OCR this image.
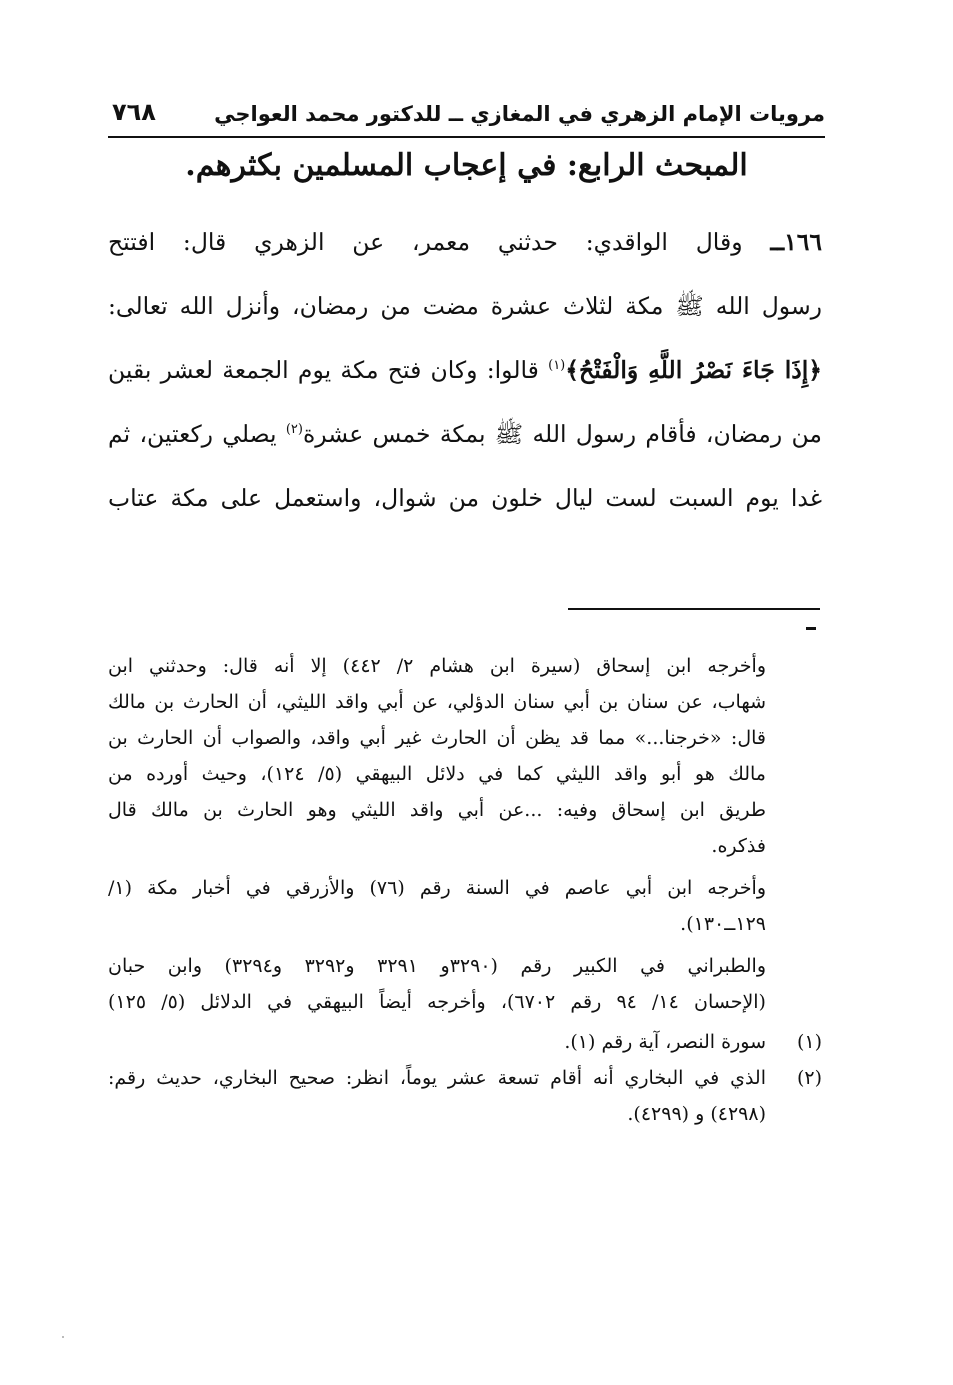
مرويات الإمام الزهري في المغازي ــ للدكتور محمد العواجي
٧٦٨
المبحث الرابع: في إعجاب المسلمين بكثرهم.
١٦٦ــ وقال الواقدي: حدثني معمر، عن الزهري قال: افتتح
رسول الله ﷺ مكة لثلاث عشرة مضت من رمضان، وأنزل الله تعالى:
﴿إِذَا جَاءَ نَصْرُ اللَّهِ وَالْفَتْحُ﴾$^{(١)}$ قالوا: وكان فتح مكة يوم الجمعة لعشر بقين
من رمضان، فأقام رسول الله ﷺ بمكة خمس عشرة$^{(٢)}$ يصلي ركعتين، ثم
غدا يوم السبت لست ليال خلون من شوال، واستعمل على مكة عتاب
وأخرجه ابن إسحاق (سيرة ابن هشام ٢/ ٤٤٢) إلا أنه قال: وحدثني ابن
شهاب، عن سنان بن أبي سنان الدؤلي، عن أبي واقد الليثي، أن الحارث بن مالك
قال: «خرجنا...» مما قد يظن أن الحارث غير أبي واقد، والصواب أن الحارث بن
مالك هو أبو واقد الليثي كما في دلائل البيهقي (٥/ ١٢٤)، وحيث أورده من
طريق ابن إسحاق وفيه: ...عن أبي واقد الليثي وهو الحارث بن مالك قال
فذكره.
وأخرجه ابن أبي عاصم في السنة رقم (٧٦) والأزرقي في أخبار مكة (١/
١٢٩ــ١٣٠).
والطبراني في الكبير رقم (٣٢٩٠و ٣٢٩١ و٣٢٩٢ و٣٢٩٤) وابن حبان
(الإحسان ١٤/ ٩٤ رقم ٦٧٠٢)، وأخرجه أيضاً البيهقي في الدلائل (٥/ ١٢٥)
(١)
سورة النصر، آية رقم (١).
(٢)
الذي في البخاري أنه أقام تسعة عشر يوماً، انظر: صحيح البخاري، حديث رقم:
(٤٢٩٨) و (٤٢٩٩).
